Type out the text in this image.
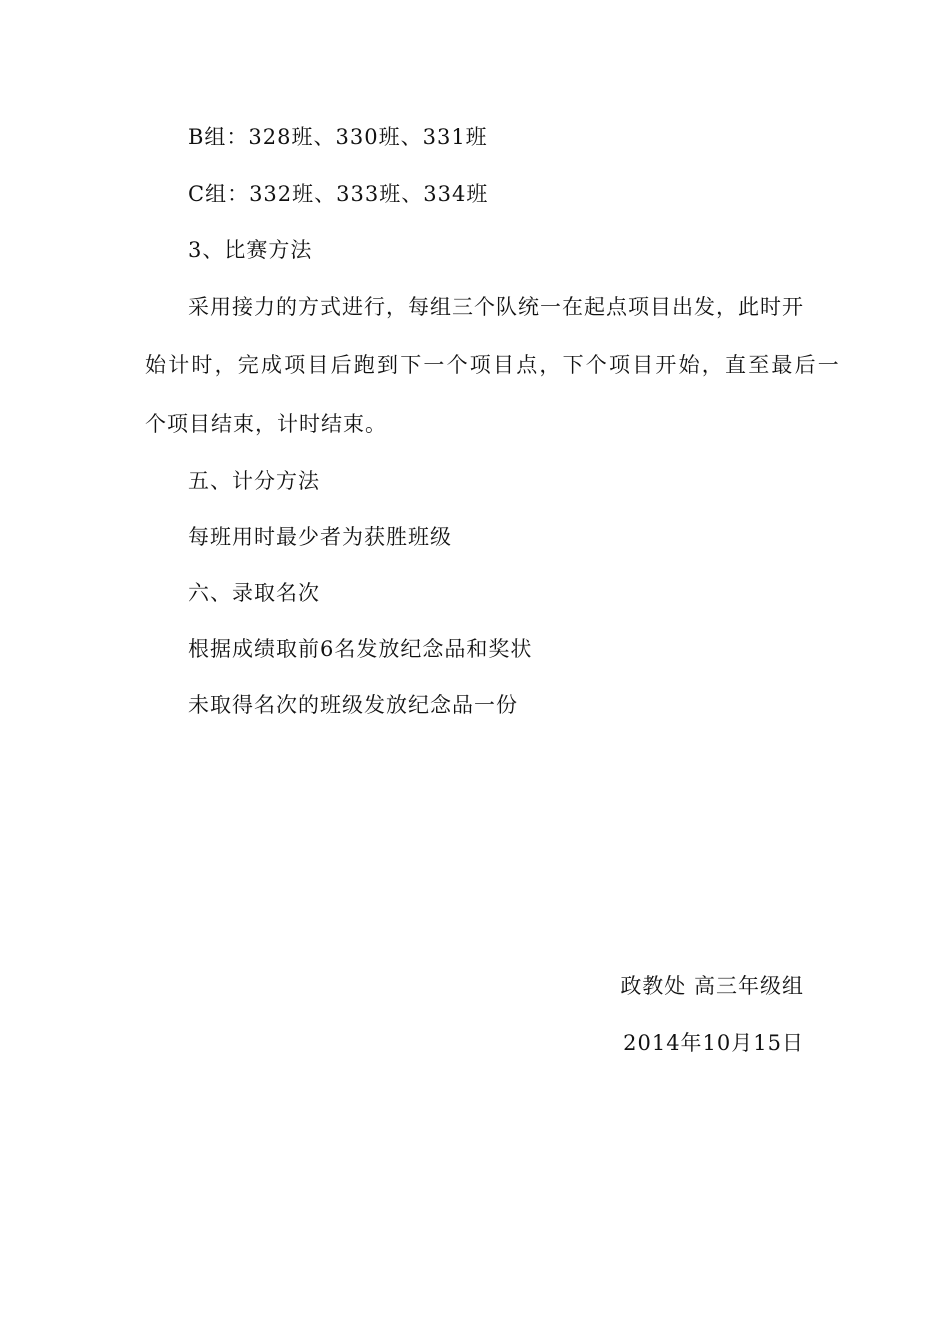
B组：328班、330班、331班
C组：332班、333班、334班
3、比赛方法
采用接力的方式进行，每组三个队统一在起点项目出发，此时开
始计时，完成项目后跑到下一个项目点，下个项目开始，直至最后一
个项目结束，计时结束。
五、计分方法
每班用时最少者为获胜班级
六、录取名次
根据成绩取前6名发放纪念品和奖状
未取得名次的班级发放纪念品一份
政教处 高三年级组
2014年10月15日
